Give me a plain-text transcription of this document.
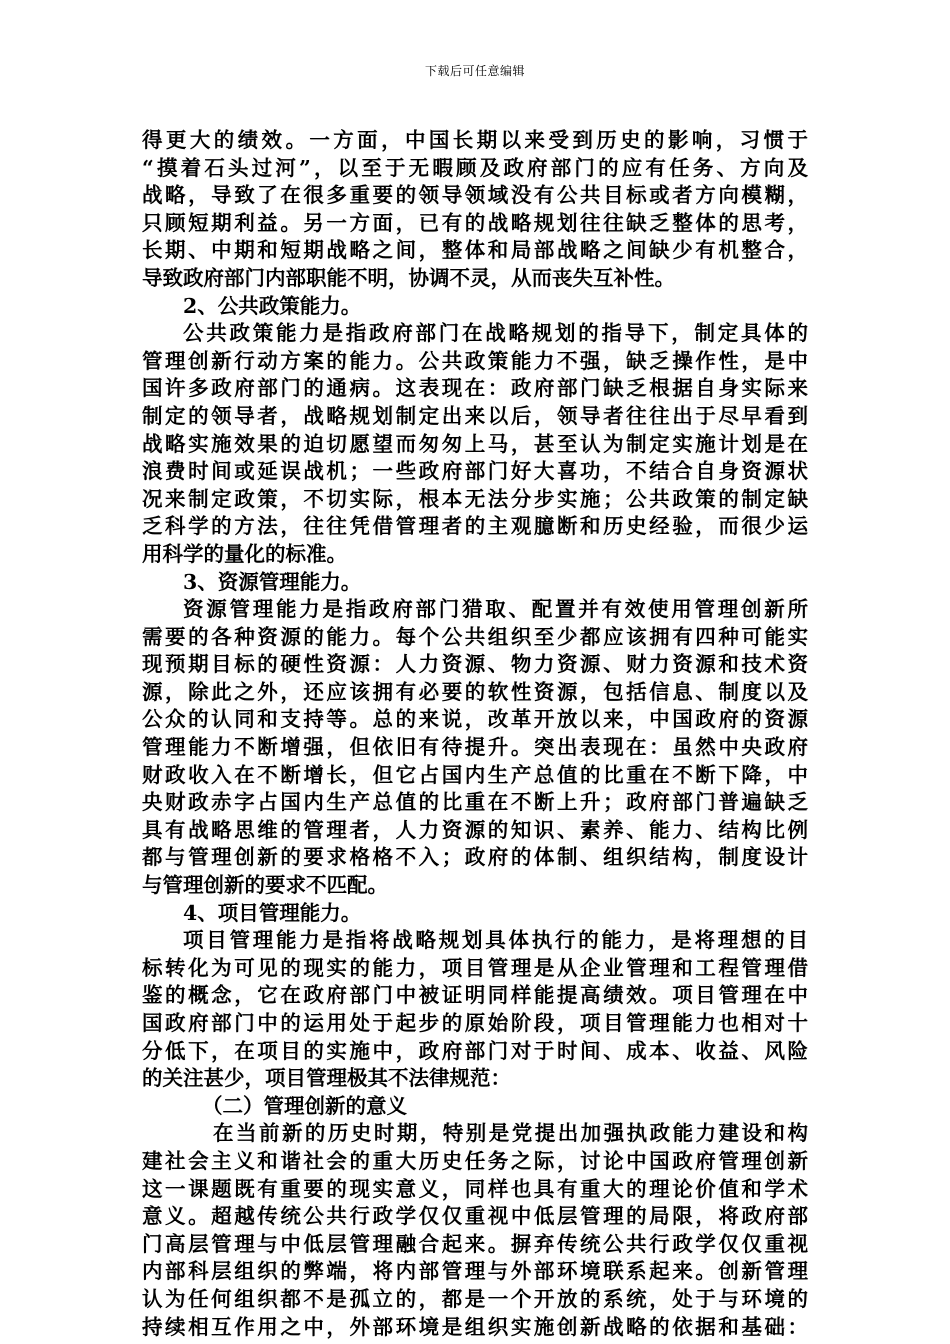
下载后可任意编辑
得更大的绩效。一方面，中国长期以来受到历史的影响，习惯于
“摸着石头过河”，以至于无暇顾及政府部门的应有任务、方向及
战略，导致了在很多重要的领导领域没有公共目标或者方向模糊，
只顾短期利益。另一方面，已有的战略规划往往缺乏整体的思考，
长期、中期和短期战略之间，整体和局部战略之间缺少有机整合，
导致政府部门内部职能不明，协调不灵，从而丧失互补性。
2、公共政策能力。
公共政策能力是指政府部门在战略规划的指导下，制定具体的
管理创新行动方案的能力。公共政策能力不强，缺乏操作性，是中
国许多政府部门的通病。这表现在：政府部门缺乏根据自身实际来
制定的领导者，战略规划制定出来以后，领导者往往出于尽早看到
战略实施效果的迫切愿望而匆匆上马，甚至认为制定实施计划是在
浪费时间或延误战机；一些政府部门好大喜功，不结合自身资源状
况来制定政策，不切实际，根本无法分步实施；公共政策的制定缺
乏科学的方法，往往凭借管理者的主观臆断和历史经验，而很少运
用科学的量化的标准。
3、资源管理能力。
资源管理能力是指政府部门猎取、配置并有效使用管理创新所
需要的各种资源的能力。每个公共组织至少都应该拥有四种可能实
现预期目标的硬性资源：人力资源、物力资源、财力资源和技术资
源，除此之外，还应该拥有必要的软性资源，包括信息、制度以及
公众的认同和支持等。总的来说，改革开放以来，中国政府的资源
管理能力不断增强，但依旧有待提升。突出表现在：虽然中央政府
财政收入在不断增长，但它占国内生产总值的比重在不断下降，中
央财政赤字占国内生产总值的比重在不断上升；政府部门普遍缺乏
具有战略思维的管理者，人力资源的知识、素养、能力、结构比例
都与管理创新的要求格格不入；政府的体制、组织结构，制度设计
与管理创新的要求不匹配。
4、项目管理能力。
项目管理能力是指将战略规划具体执行的能力，是将理想的目
标转化为可见的现实的能力，项目管理是从企业管理和工程管理借
鉴的概念，它在政府部门中被证明同样能提高绩效。项目管理在中
国政府部门中的运用处于起步的原始阶段，项目管理能力也相对十
分低下，在项目的实施中，政府部门对于时间、成本、收益、风险
的关注甚少，项目管理极其不法律规范：
（二）管理创新的意义
在当前新的历史时期，特别是党提出加强执政能力建设和构
建社会主义和谐社会的重大历史任务之际，讨论中国政府管理创新
这一课题既有重要的现实意义，同样也具有重大的理论价值和学术
意义。超越传统公共行政学仅仅重视中低层管理的局限，将政府部
门高层管理与中低层管理融合起来。摒弃传统公共行政学仅仅重视
内部科层组织的弊端，将内部管理与外部环境联系起来。创新管理
认为任何组织都不是孤立的，都是一个开放的系统，处于与环境的
持续相互作用之中，外部环境是组织实施创新战略的依据和基础：
